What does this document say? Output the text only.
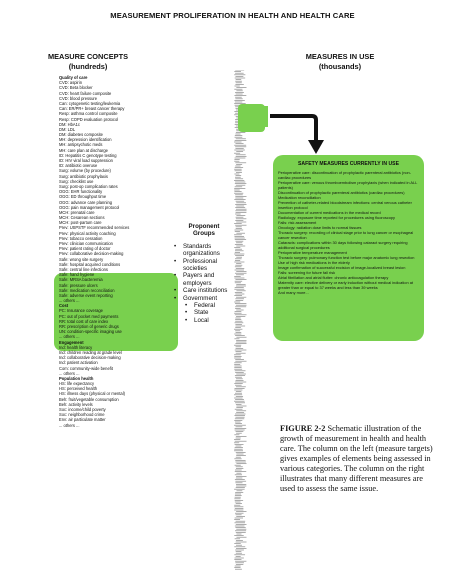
MEASUREMENT PROLIFERATION IN HEALTH AND HEALTH CARE
MEASURE CONCEPTS
(hundreds)
MEASURES IN USE
(thousands)
Quality of care
CVD: aspirin
CVD: Beta blocker
CVD: heart failure composite
CVD: blood pressure
Can: cytogenetic testing/leukemia
Can: ER/PR+ breast cancer therapy
Resp: asthma control composite
Resp: COPD evaluation protocol
DM: HbA1c
DM: LDL
DM: diabetes composite
MH: depression identification
MH: antipsychotic meds
MH: care plan at discharge
ID: Hepatitis C genotype testing
ID: HIV viral load suppression
ID: antibiotic overuse
Surg: volume (by procedure)
Surg: antibiotic prophylaxis
Surg: checklist use
Surg: post-op complication rates
OGG: EHR functionality
OGG: ED throughput time
OGG: advance care planning
OGG: pain management protocol
MCH: prenatal care
MCH: Cesarean sections
MCH: post-partum care
Prev: USPSTF recommended services
Prev: physical activity coaching
Prev: tobacco cessation
Prev: clinician communication
Prev: patient rating of doctor
Prev: collaborative decision-making
Safe: wrong site surgery
Safe: hospital acquired conditions
Safe: central line infections
Safe: hand hygiene
Safe: MRSA bacteremia
Safe: pressure ulcers
Safe: medication reconciliation
Safe: adverse event reporting
... others ...
Cost
PC: Insurance coverage
PC: out of pocket med payments
RR: total cost of care index
RR: prescription of generic drugs
UN: condition-specific imaging use
... others ...
Engagement
Ind: health literacy
Ind: children reading at grade level
Ind: collaborative decision-making
Ind: patient activation
Com: community-wide benefit
... others ...
Population health
HS: life expectancy
HS: perceived health
HS: illness days (physical or mental)
Beh: fruit/vegetable consumption
Beh: activity levels
Soc: income/child poverty
Soc: neighborhood crime
Env: air particulate matter
... others ...
Proponent
Groups
• Standards organizations
• Professional societies
• Payers and employers
• Care institutions
• Government
• Federal
• State
• Local
SAFETY MEASURES CURRENTLY IN USE
Perioperative care: discontinuation of prophylactic parenteral antibiotics (non-cardiac procedures
Perioperative care: venous thromboembolism prophylaxis (when indicated in ALL patients)
Discontinuation of prophylactic parenteral antibiotics (cardiac procedures)
Medication reconciliation
Prevention of catheter-related bloodstream infections: central venous catheter insertion protocol
Documentation of current medications in the medical record
Radiology: exposure time reported for procedures using fluoroscopy
Falls: risk assessment
Oncology: radiation dose limits to normal tissues
Thoracic surgery: recording of clinical stage prior to lung cancer or esophageal cancer resection
Cataracts: complications within 30 days following cataract surgery requiring additional surgical procedures
Perioperative temperature management
Thoracic surgery: pulmonary function test before major anatomic lung resection
Use of high risk medications in the elderly
Image confirmation of successful excision of image-localized breast lesion
Falls: screening for future fall risk
Atrial fibrillation and atrial flutter: chronic anticoagulation therapy
Maternity care: elective delivery or early induction without medical indication at greater than or equal to 37 weeks and less than 39 weeks
And many more...
FIGURE 2-2 Schematic illustration of the growth of measurement in health and health care. The column on the left (measure targets) gives examples of elements being assessed in various categories. The column on the right illustrates that many different measures are used to assess the same issue.
